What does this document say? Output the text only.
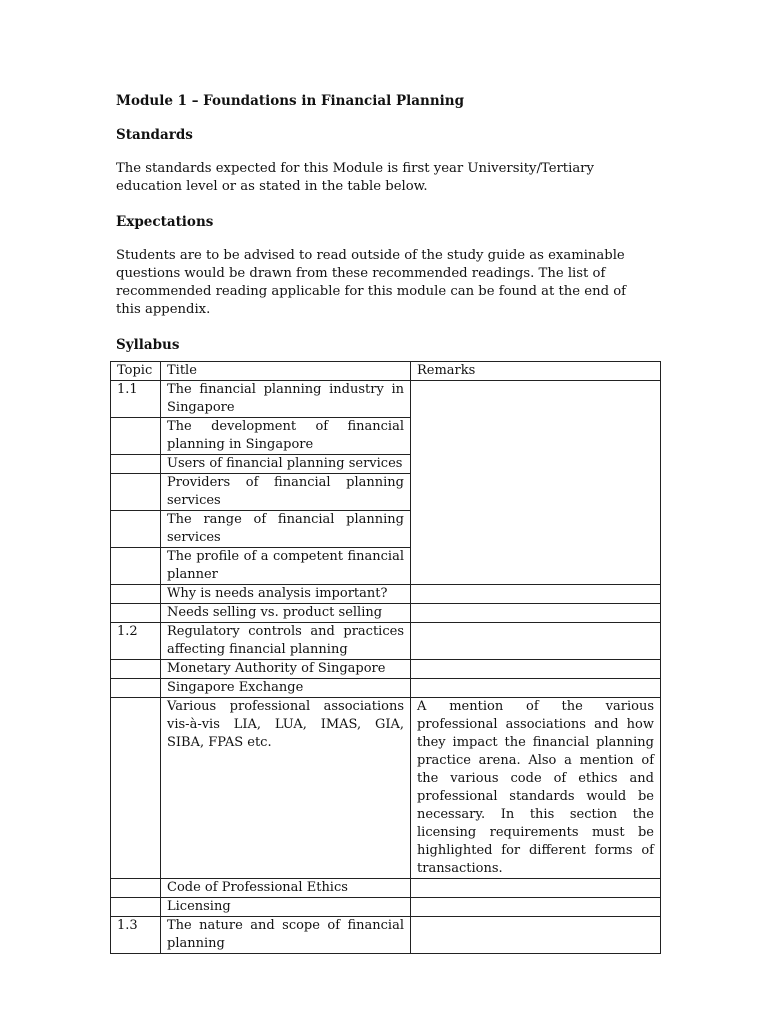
Module 1 – Foundations in Financial Planning
Standards

The standards expected for this Module is first year University/Tertiary education level or as stated in the table below.

Expectations

Students are to be advised to read outside of the study guide as examinable questions would be drawn from these recommended readings. The list of recommended reading applicable for this module can be found at the end of this appendix.

Syllabus
Topic	Title	Remarks
1.1	The financial planning industry in Singapore	
	The development of financial planning in Singapore	
	Users of financial planning services	
	Providers of financial planning services	
	The range of financial planning services	
	The profile of a competent financial planner	
	Why is needs analysis important?	
	Needs selling vs. product selling	
1.2	Regulatory controls and practices affecting financial planning	
	Monetary Authority of Singapore	
	Singapore Exchange	
	Various professional associations vis-à-vis LIA, LUA, IMAS, GIA, SIBA, FPAS etc.	A mention of the various professional associations and how they impact the financial planning practice arena. Also a mention of the various code of ethics and professional standards would be necessary. In this section the licensing requirements must be highlighted for different forms of transactions.
	Code of Professional Ethics	
	Licensing	
1.3	The nature and scope of financial planning	
